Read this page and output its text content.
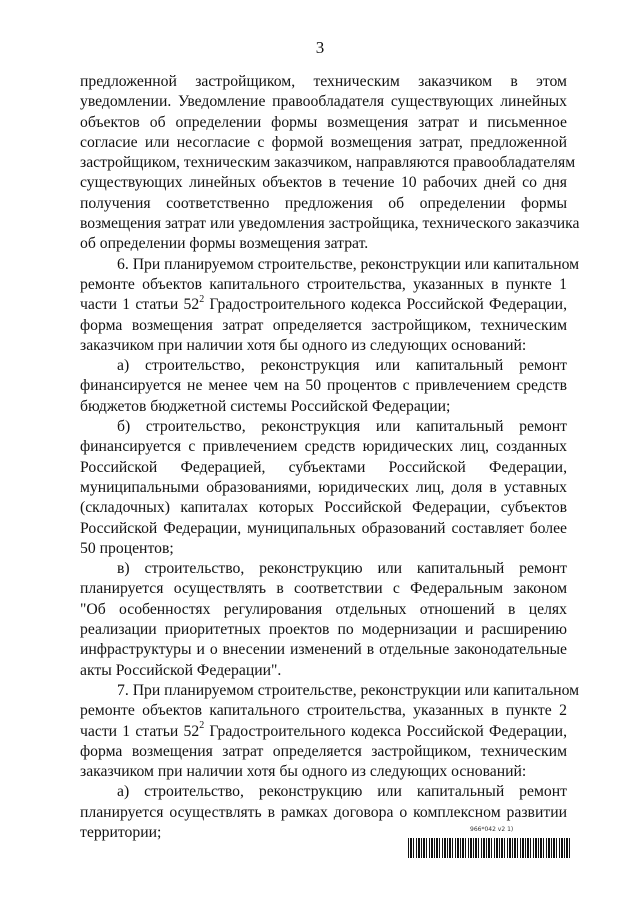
3

предложенной застройщиком, техническим заказчиком в этом

уведомлении. Уведомление правообладателя существующих линейных

объектов об определении формы возмещения затрат и письменное

согласие или несогласие с формой возмещения затрат, предложенной

застройщиком, техническим заказчиком, направляются правообладателям

существующих линейных объектов в течение 10 рабочих дней со дня

получения соответственно предложения об определении формы

возмещения затрат или уведомления застройщика, технического заказчика

об определении формы возмещения затрат.

6. При планируемом строительстве, реконструкции или капитальном

ремонте объектов капитального строительства, указанных в пункте 1

части 1 статьи $52^2$ Градостроительного кодекса Российской Федерации,

форма возмещения затрат определяется застройщиком, техническим

заказчиком при наличии хотя бы одного из следующих оснований:

а) строительство, реконструкция или капитальный ремонт

финансируется не менее чем на 50 процентов с привлечением средств

бюджетов бюджетной системы Российской Федерации;

б) строительство, реконструкция или капитальный ремонт

финансируется с привлечением средств юридических лиц, созданных

Российской Федерацией, субъектами Российской Федерации,

муниципальными образованиями, юридических лиц, доля в уставных

(складочных) капиталах которых Российской Федерации, субъектов

Российской Федерации, муниципальных образований составляет более

50 процентов;

в) строительство, реконструкцию или капитальный ремонт

планируется осуществлять в соответствии с Федеральным законом

"Об особенностях регулирования отдельных отношений в целях

реализации приоритетных проектов по модернизации и расширению

инфраструктуры и о внесении изменений в отдельные законодательные

акты Российской Федерации".

7. При планируемом строительстве, реконструкции или капитальном

ремонте объектов капитального строительства, указанных в пункте 2

части 1 статьи $52^2$ Градостроительного кодекса Российской Федерации,

форма возмещения затрат определяется застройщиком, техническим

заказчиком при наличии хотя бы одного из следующих оснований:

а) строительство, реконструкцию или капитальный ремонт

планируется осуществлять в рамках договора о комплексном развитии

территории;	966*042 v2 1)
